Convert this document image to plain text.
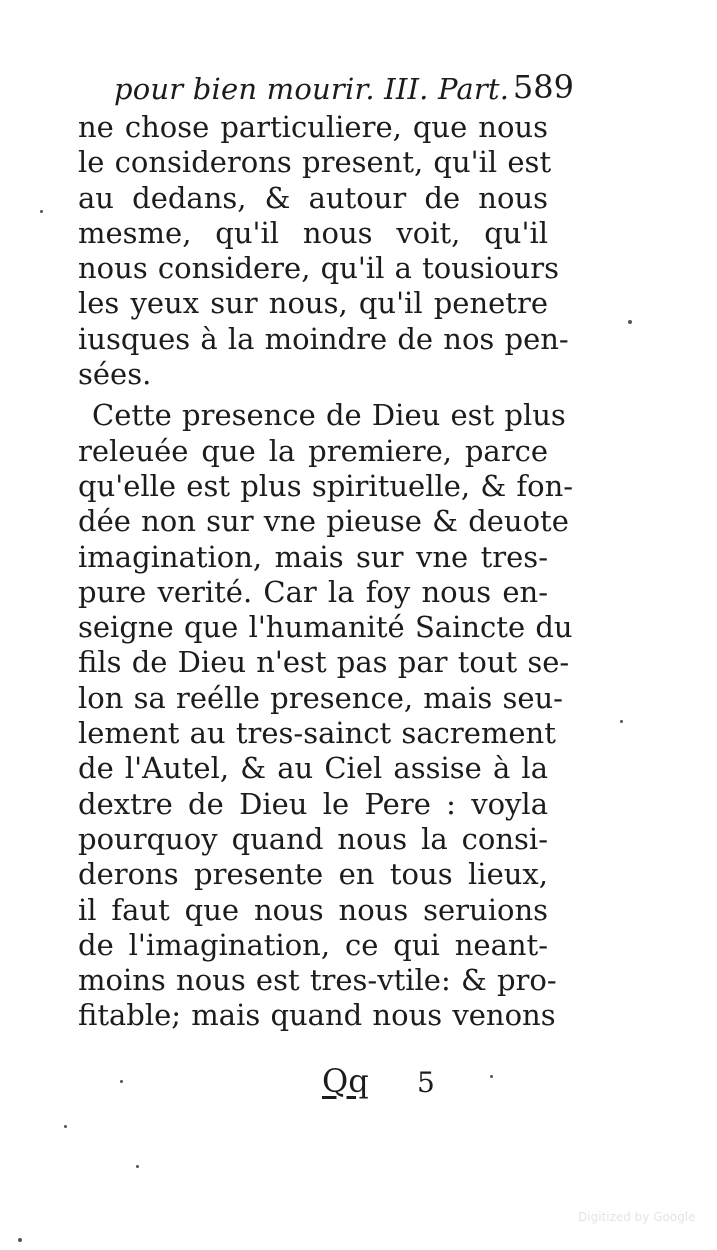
pour bien mourir. III. Part. 589
ne chose particuliere, que nous
le considerons present, qu'il est
au dedans, & autour de nous
mesme, qu'il nous voit, qu'il
nous considere, qu'il a tousiours
les yeux sur nous, qu'il penetre
iusques à la moindre de nos pen-
sées.
Cette presence de Dieu est plus
releuée que la premiere, parce
qu'elle est plus spirituelle, & fon-
dée non sur vne pieuse & deuote
imagination, mais sur vne tres-
pure verité. Car la foy nous en-
seigne que l'humanité Saincte du
fils de Dieu n'est pas par tout se-
lon sa reélle presence, mais seu-
lement au tres-sainct sacrement
de l'Autel, & au Ciel assise à la
dextre de Dieu le Pere : voyla
pourquoy quand nous la consi-
derons presente en tous lieux,
il faut que nous nous seruions
de l'imagination, ce qui neant-
moins nous est tres-vtile: & pro-
fitable; mais quand nous venons
Qq 5
Digitized by Google
